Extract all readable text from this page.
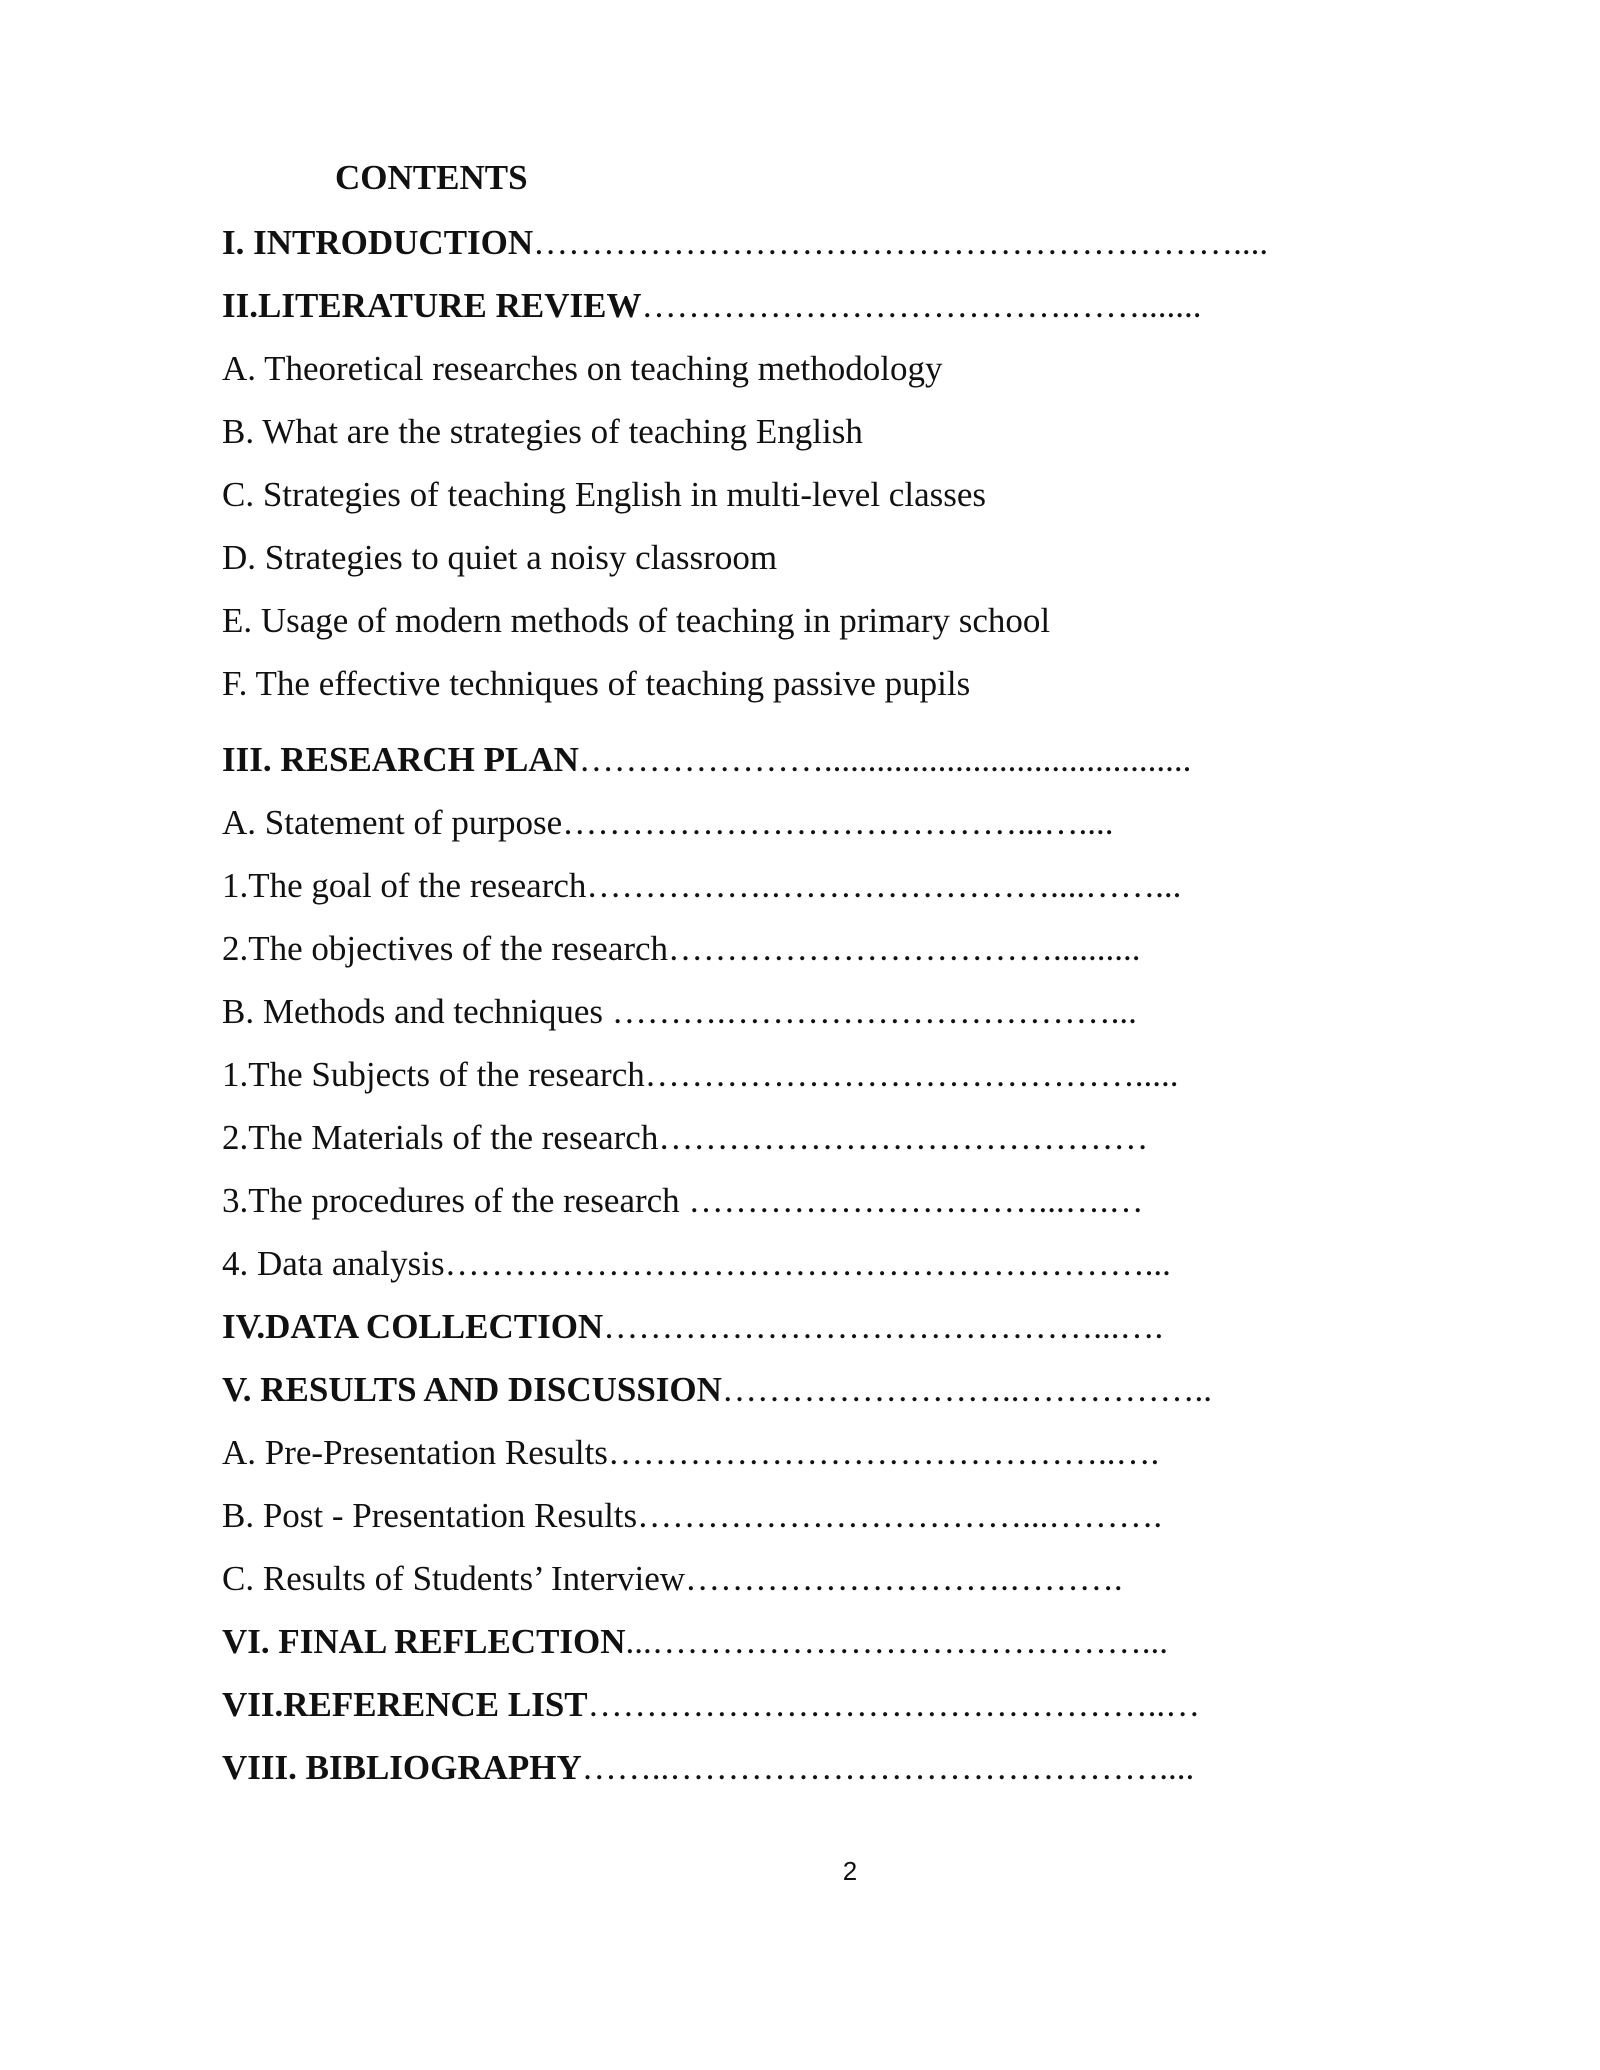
CONTENTS
I. INTRODUCTION……………………………………………………....
II.LITERATURE REVIEW……………………………….…….......
A. Theoretical researches on teaching methodology
B. What are the strategies of teaching English
C. Strategies of teaching English in multi-level classes
D. Strategies to quiet a noisy classroom
E. Usage of modern methods of teaching in primary school
F. The effective techniques of teaching passive pupils
III. RESEARCH PLAN…………………..........................................
A. Statement of purpose…………………………………...…....
1.The goal of the research…………….……………………....……...
2.The objectives of the research……………………………..........
B. Methods and techniques ……….……………………………...
1.The Subjects of the research…………………………………….....
2.The Materials of the research……………………………………
3.The procedures of the research …………………………...….…
4. Data analysis……………………………………………………...
IV.DATA COLLECTION……………………………………...….
V. RESULTS AND DISCUSSION……………………..……………..
A. Pre-Presentation Results……………………………………..….
B. Post - Presentation Results……………………………...……….
C. Results of Students’ Interview……………………….……….
VI. FINAL REFLECTION...……………………………………...
VII.REFERENCE LIST…………………………………………..…
VIII. BIBLIOGRAPHY……..……………………………………....
2
